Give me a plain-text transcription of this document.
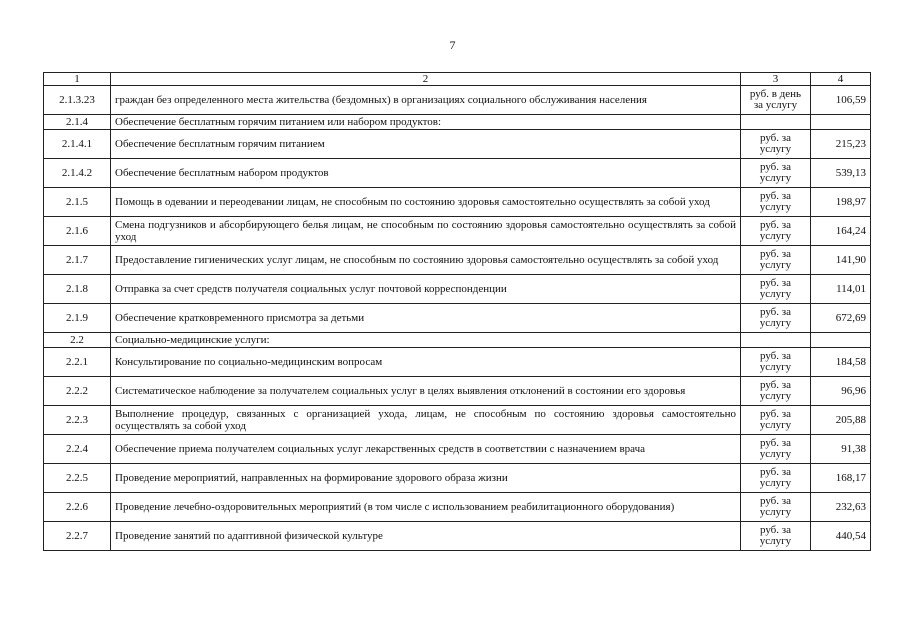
7
1	2	3	4
2.1.3.23	граждан без определенного места жительства (бездомных) в организациях социального обслуживания населения	руб. в день за услугу	106,59
2.1.4	Обеспечение бесплатным горячим питанием или набором продуктов:		
2.1.4.1	Обеспечение бесплатным горячим питанием	руб. за услугу	215,23
2.1.4.2	Обеспечение бесплатным набором продуктов	руб. за услугу	539,13
2.1.5	Помощь в одевании и переодевании лицам, не способным по состоянию здоровья самостоятельно осуществлять за собой уход	руб. за услугу	198,97
2.1.6	Смена подгузников и абсорбирующего белья лицам, не способным по состоянию здоровья самостоятельно осуществлять за собой уход	руб. за услугу	164,24
2.1.7	Предоставление гигиенических услуг лицам, не способным по состоянию здоровья самостоятельно осуществлять за собой уход	руб. за услугу	141,90
2.1.8	Отправка за счет средств получателя социальных услуг почтовой корреспонденции	руб. за услугу	114,01
2.1.9	Обеспечение кратковременного присмотра за детьми	руб. за услугу	672,69
2.2	Социально-медицинские услуги:		
2.2.1	Консультирование по социально-медицинским вопросам	руб. за услугу	184,58
2.2.2	Систематическое наблюдение за получателем социальных услуг в целях выявления отклонений в состоянии его здоровья	руб. за услугу	96,96
2.2.3	Выполнение процедур, связанных с организацией ухода, лицам, не способным по состоянию здоровья самостоятельно осуществлять за собой уход	руб. за услугу	205,88
2.2.4	Обеспечение приема получателем социальных услуг лекарственных средств в соответствии с назначением врача	руб. за услугу	91,38
2.2.5	Проведение мероприятий, направленных на формирование здорового образа жизни	руб. за услугу	168,17
2.2.6	Проведение лечебно-оздоровительных мероприятий (в том числе с использованием реабилитационного оборудования)	руб. за услугу	232,63
2.2.7	Проведение занятий по адаптивной физической культуре	руб. за услугу	440,54
